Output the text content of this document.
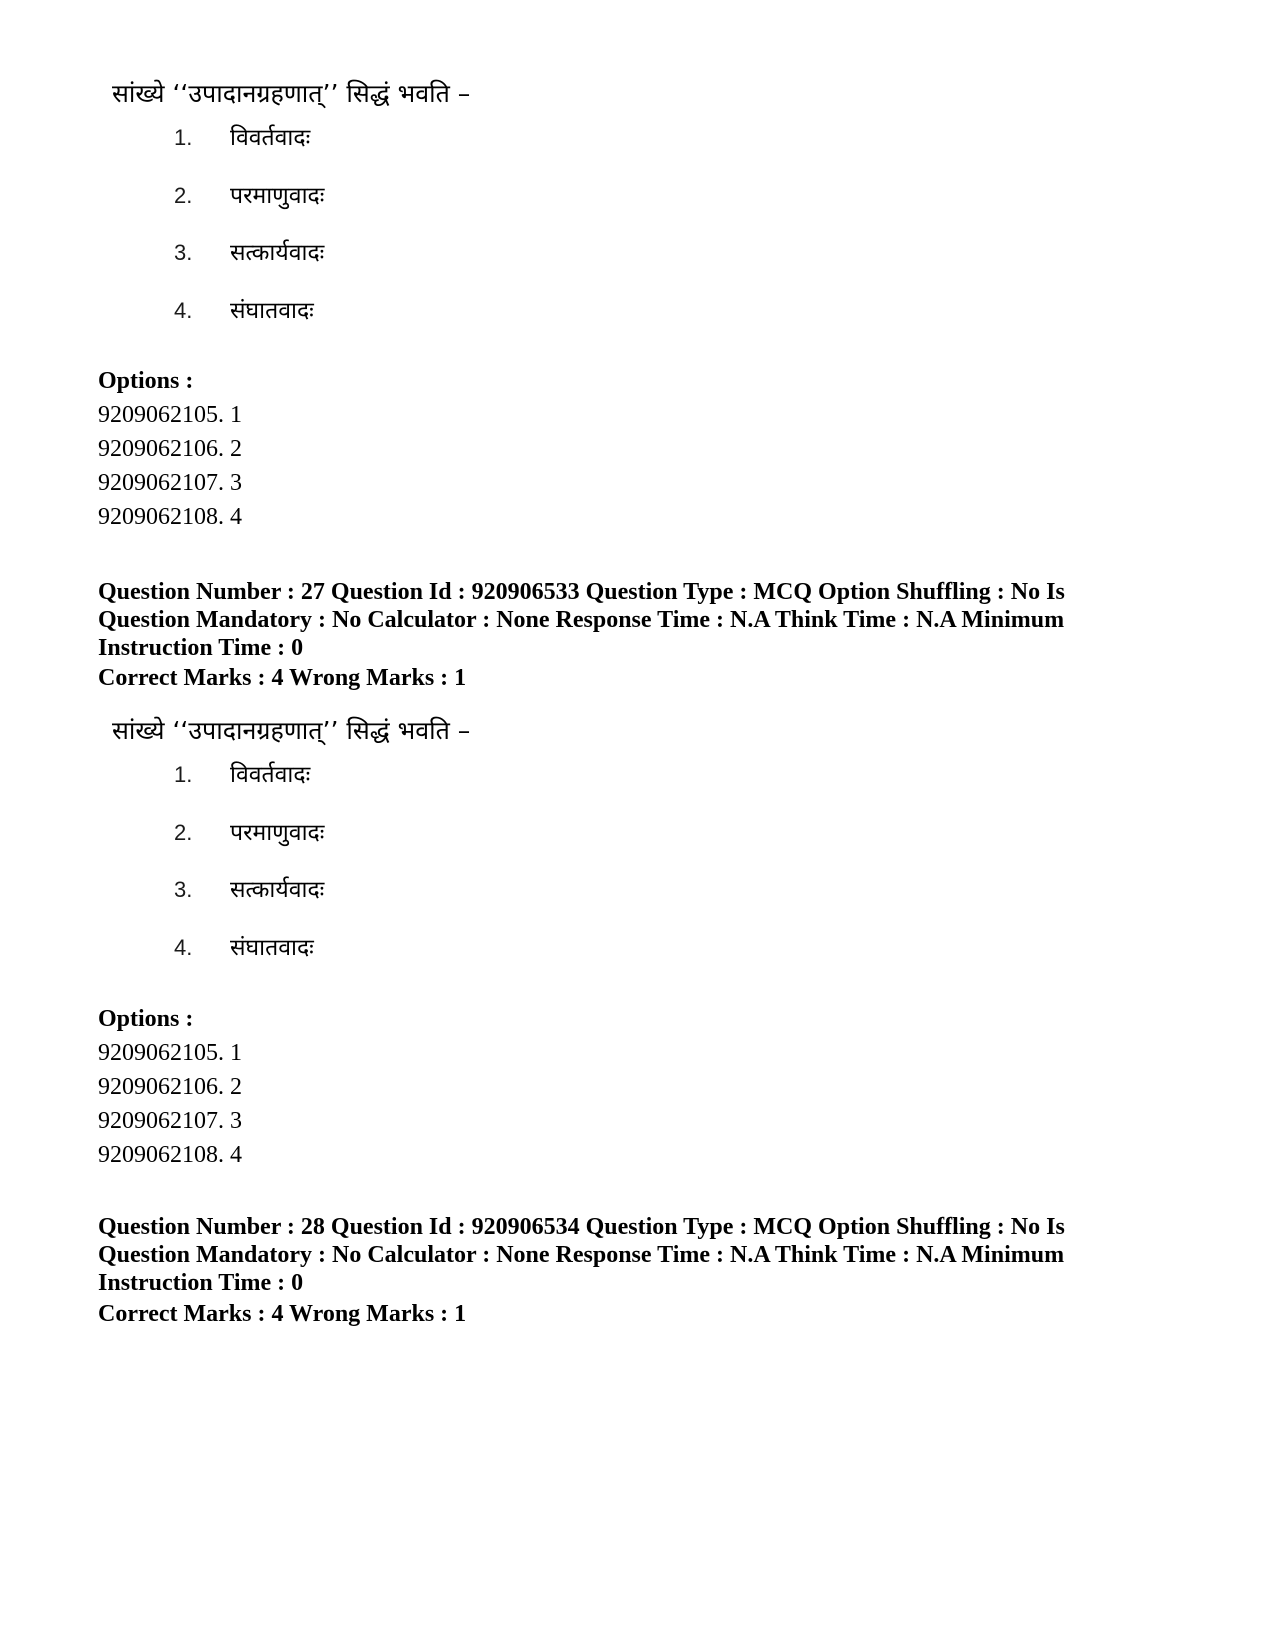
सांख्ये ‘‘उपादानग्रहणात्’’ सिद्धं भवति –
1.	विवर्तवादः
2.	परमाणुवादः
3.	सत्कार्यवादः
4.	संघातवादः
Options :
9209062105. 1
9209062106. 2
9209062107. 3
9209062108. 4
Question Number : 27 Question Id : 920906533 Question Type : MCQ Option Shuffling : No Is
Question Mandatory : No Calculator : None Response Time : N.A Think Time : N.A Minimum
Instruction Time : 0
Correct Marks : 4 Wrong Marks : 1
सांख्ये ‘‘उपादानग्रहणात्’’ सिद्धं भवति –
1.	विवर्तवादः
2.	परमाणुवादः
3.	सत्कार्यवादः
4.	संघातवादः
Options :
9209062105. 1
9209062106. 2
9209062107. 3
9209062108. 4
Question Number : 28 Question Id : 920906534 Question Type : MCQ Option Shuffling : No Is
Question Mandatory : No Calculator : None Response Time : N.A Think Time : N.A Minimum
Instruction Time : 0
Correct Marks : 4 Wrong Marks : 1
